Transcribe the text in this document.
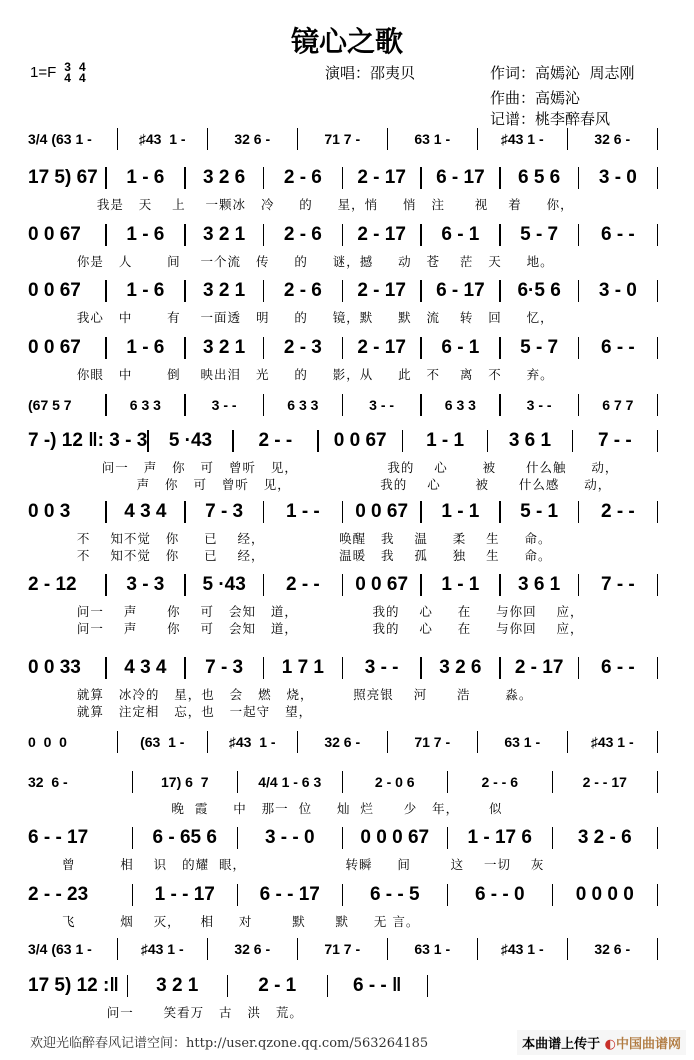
镜心之歌
1=F 3
44
4	演唱：邵夷贝	作词：高嫣沁  周志刚
作曲：高嫣沁
记谱：桃李醉春风
3/4 (63 1 -	♯43  1 -	32 6 -	71 7 -	63 1 -	♯43 1 -	32 6 -
17 5) 67	1 - 6	3 2 6	2 - 6	2 - 17	6 - 17	6 5 6	3 - 0
我是   天    上    一颗冰   冷     的     星，悄     悄   注      视    着     你，
0 0 67	1 - 6	3 2 1	2 - 6	2 - 17	6 - 1	5 - 7	6 - -
你是   人       间    一个流   传     的     谜，撼     动   苍    茫   天     地。
0 0 67	1 - 6	3 2 1	2 - 6	2 - 17	6 - 17	6·5 6	3 - 0
我心   中       有    一面透   明     的     镜，默     默   流    转   回     忆，
0 0 67	1 - 6	3 2 1	2 - 3	2 - 17	6 - 1	5 - 7	6 - -
你眼   中       倒    映出泪   光     的     影，从     此   不    离   不     弃。
(67 5 7	6 3 3	3 - -	6 3 3	3 - -	6 3 3	3 - -	6 7 7
7 -) 12 ‖: 3 - 3	5 ·43	2 - -	0 0 67	1 - 1	3 6 1	7 - -
问一   声   你   可   曾听   见，                  我的    心       被      什么触     动，
声   你   可   曾听   见，                  我的    心       被      什么感     动，
0 0 3	4 3 4	7 - 3	1 - -	0 0 67	1 - 1	5 - 1	2 - -
不    知不觉   你     已    经，               唤醒   我    温     柔    生     命。
不    知不觉   你     已    经，               温暖   我    孤     独    生     命。
2 - 12	3 - 3	5 ·43	2 - -	0 0 67	1 - 1	3 6 1	7 - -
问一    声      你    可   会知   道，               我的    心     在     与你回    应，
问一    声      你    可   会知   道，               我的    心     在     与你回    应，
0 0 33	4 3 4	7 - 3	1 7 1	3 - -	3 2 6	2 - 17	6 - -
就算   冰冷的   星，也   会   燃   烧，        照亮银    河      浩       淼。
就算   注定相   忘，也   一起守   望，
0  0  0	(63  1 -	♯43  1 -	32 6 -	71 7 -	63 1 -	♯43 1 -
32  6 -	17) 6  7	4/4 1 - 6 3	2 - 0 6	2 - - 6	2 - - 17
晚  霞     中   那一  位     灿  烂      少   年，      似
6 - - 17	6 - 65 6	3 - - 0	0 0 0 67	1 - 17 6	3 2 - 6
曾         相    识   的耀  眼，                    转瞬     间        这    一切    灰
2 - - 23	1 - - 17	6 - - 17	6 - - 5	6 - - 0	0 0 0 0
飞         烟    灭，    相     对        默      默     无 言。
3/4 (63 1 -	♯43 1 -	32 6 -	71 7 -	63 1 -	♯43 1 -	32 6 -
17 5) 12 :‖	3 2 1	2 - 1	6 - - ‖
问一      笑看万   古   洪   荒。
欢迎光临醉春风记谱空间：http://user.qzone.qq.com/563264185	本曲谱上传于 ◐中国曲谱网
